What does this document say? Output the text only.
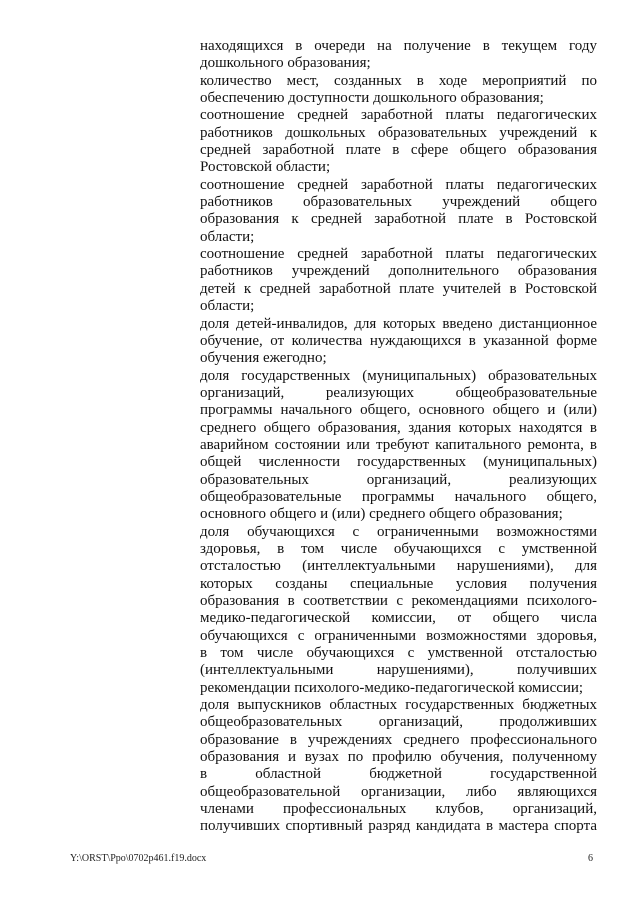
находящихся в очереди на получение в текущем году
дошкольного образования;
количество мест, созданных в ходе мероприятий по
обеспечению доступности дошкольного образования;
соотношение средней заработной платы педагогических
работников дошкольных образовательных учреждений к
средней заработной плате в сфере общего образования
Ростовской области;
соотношение средней заработной платы педагогических
работников образовательных учреждений общего
образования к средней заработной плате в Ростовской
области;
соотношение средней заработной платы педагогических
работников учреждений дополнительного образования
детей к средней заработной плате учителей в Ростовской
области;
доля детей-инвалидов, для которых введено дистанционное
обучение, от количества нуждающихся в указанной форме
обучения ежегодно;
доля государственных (муниципальных) образовательных
организаций, реализующих общеобразовательные
программы начального общего, основного общего и (или)
среднего общего образования, здания которых находятся в
аварийном состоянии или требуют капитального ремонта, в
общей численности государственных (муниципальных)
образовательных организаций, реализующих
общеобразовательные программы начального общего,
основного общего и (или) среднего общего образования;
доля обучающихся с ограниченными возможностями
здоровья, в том числе обучающихся с умственной
отсталостью (интеллектуальными нарушениями), для
которых созданы специальные условия получения
образования в соответствии с рекомендациями психолого-
медико-педагогической комиссии, от общего числа
обучающихся с ограниченными возможностями здоровья,
в том числе обучающихся с умственной отсталостью
(интеллектуальными нарушениями), получивших
рекомендации психолого-медико-педагогической комиссии;
доля выпускников областных государственных бюджетных
общеобразовательных организаций, продолживших
образование в учреждениях среднего профессионального
образования и вузах по профилю обучения, полученному
в областной бюджетной государственной
общеобразовательной организации, либо являющихся
членами профессиональных клубов, организаций,
получивших спортивный разряд кандидата в мастера спорта
Y:\ORST\Ppo\0702p461.f19.docx	6
